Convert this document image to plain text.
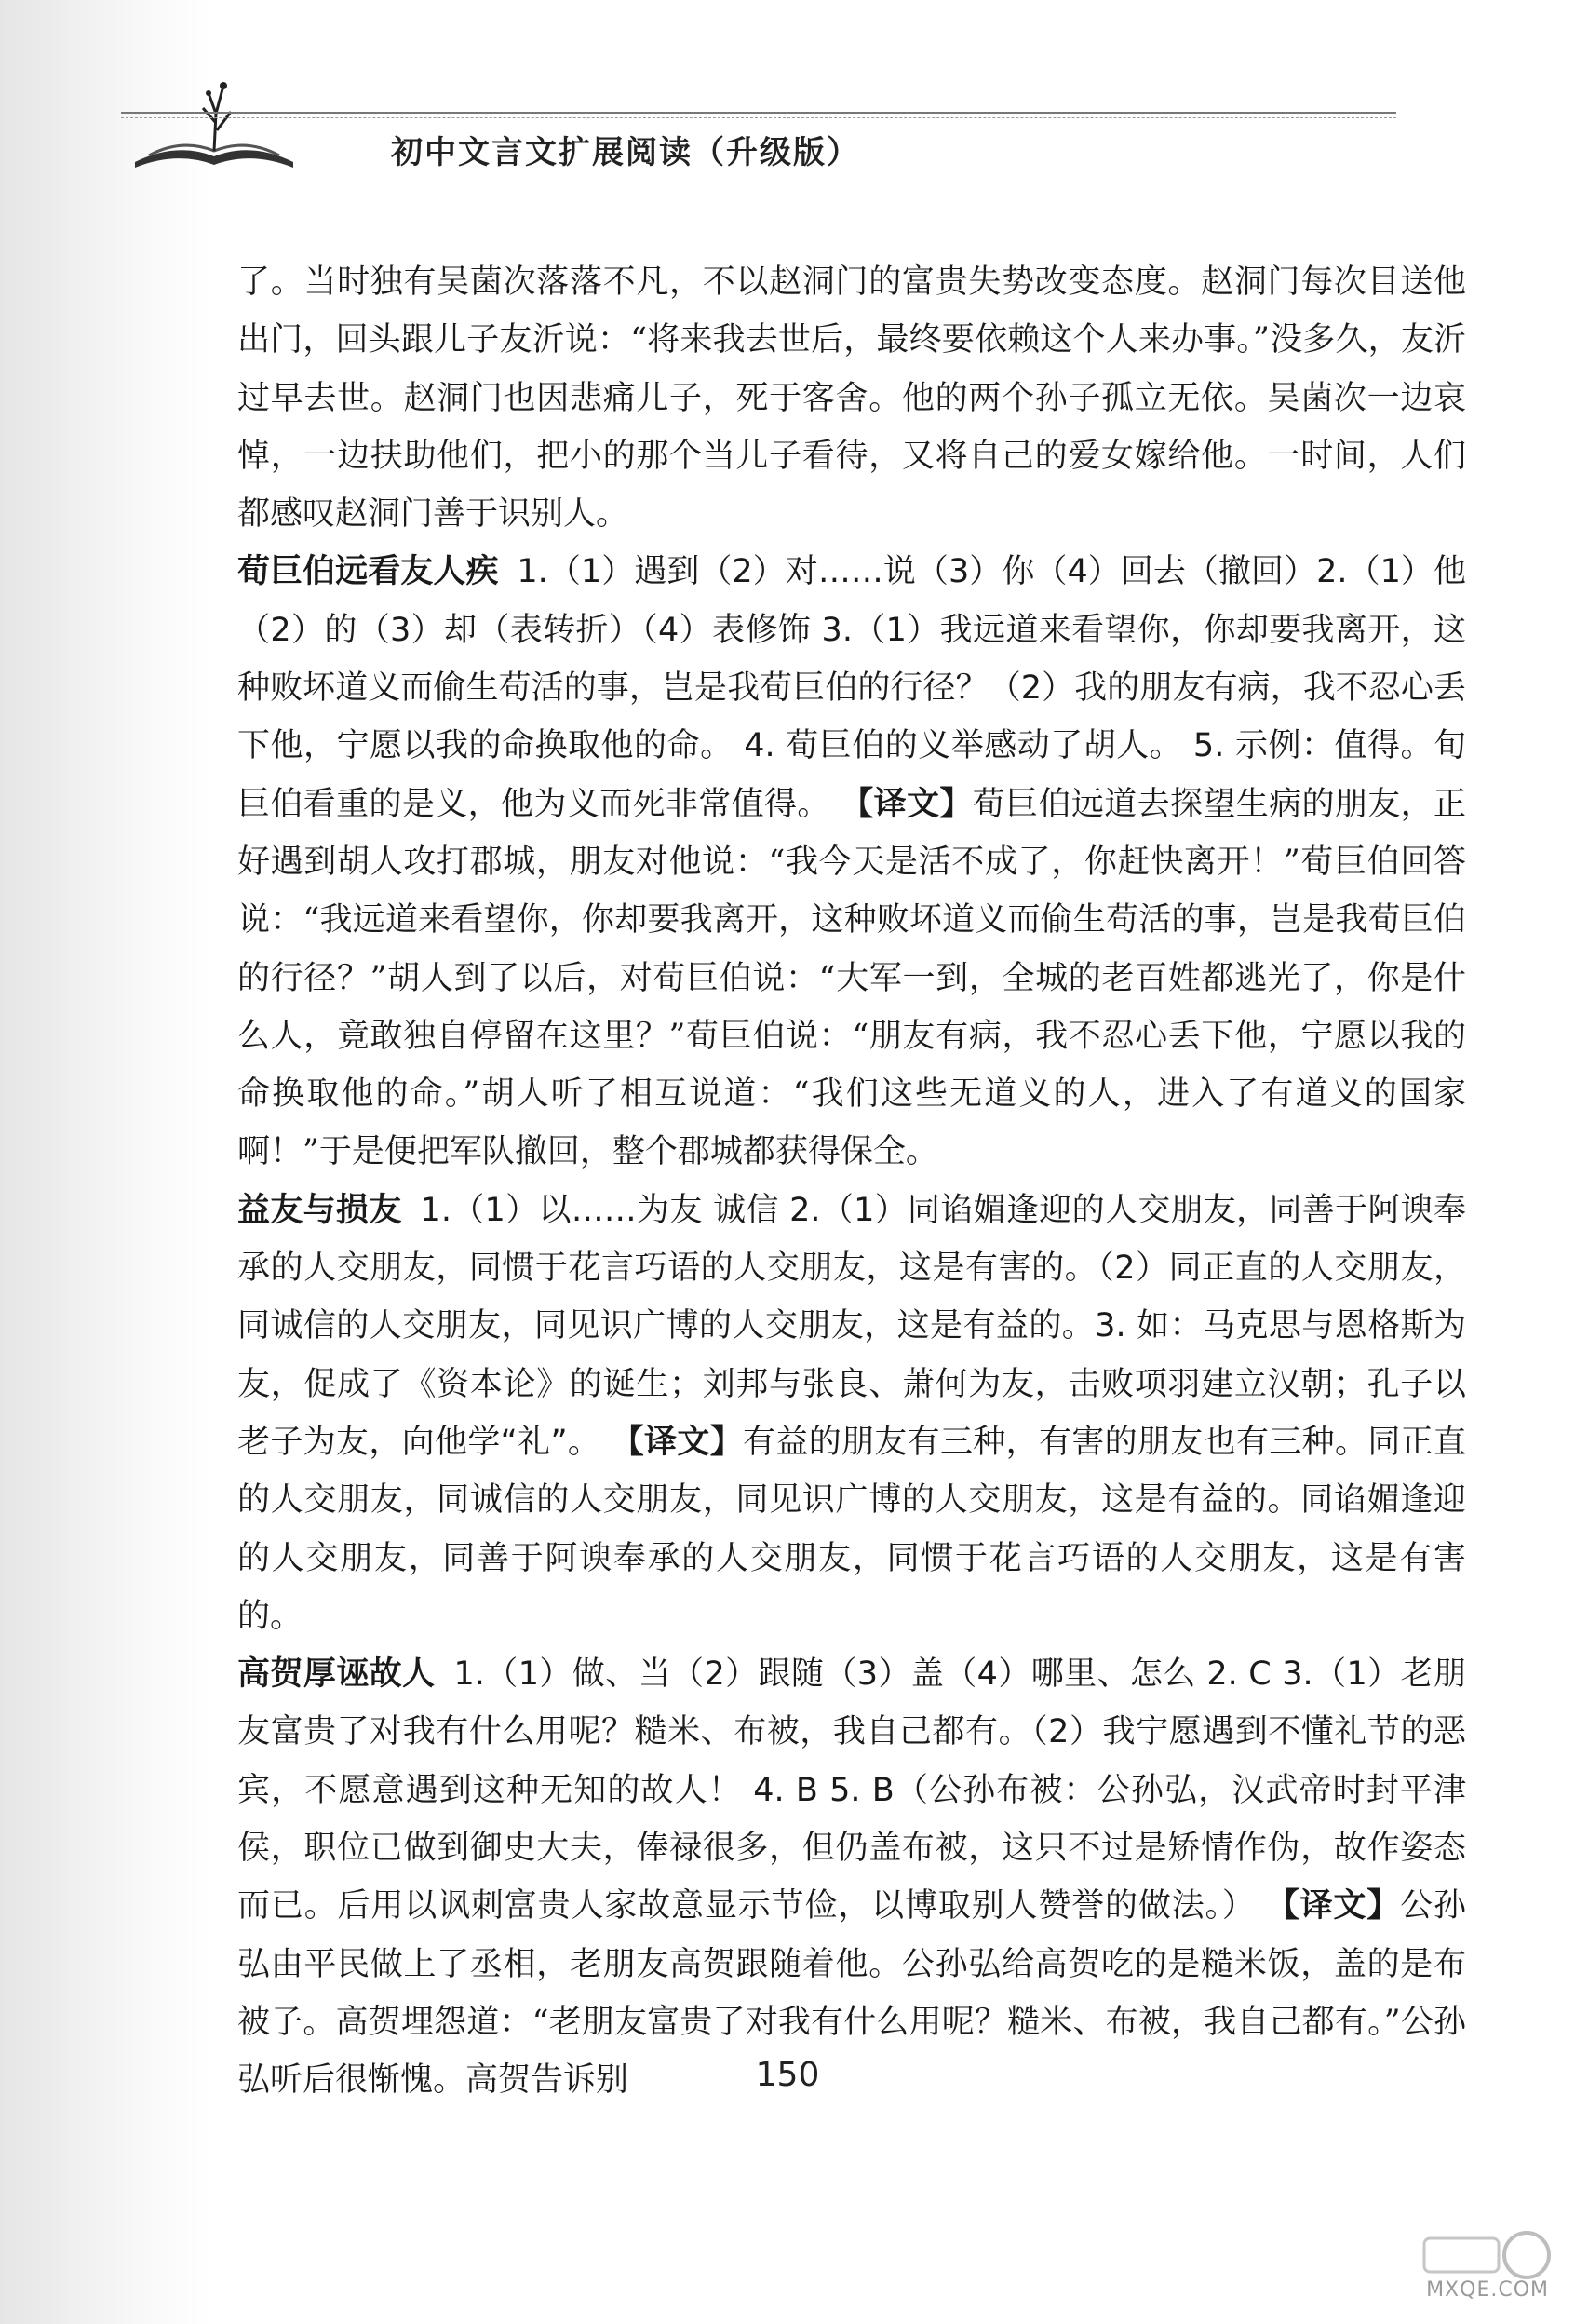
初中文言文扩展阅读（升级版）

了。当时独有吴菌次落落不凡，不以赵洞门的富贵失势改变态度。赵洞门每次目送他出门，回头跟儿子友沂说：“将来我去世后，最终要依赖这个人来办事。”没多久，友沂过早去世。赵洞门也因悲痛儿子，死于客舍。他的两个孙子孤立无依。吴菌次一边哀悼，一边扶助他们，把小的那个当儿子看待，又将自己的爱女嫁给他。一时间，人们都感叹赵洞门善于识别人。

荀巨伯远看友人疾 1.（1）遇到（2）对……说（3）你（4）回去（撤回）2.（1）他（2）的（3）却（表转折）（4）表修饰 3.（1）我远道来看望你，你却要我离开，这种败坏道义而偷生苟活的事，岂是我荀巨伯的行径？（2）我的朋友有病，我不忍心丢下他，宁愿以我的命换取他的命。 4. 荀巨伯的义举感动了胡人。 5. 示例：值得。旬巨伯看重的是义，他为义而死非常值得。 【译文】荀巨伯远道去探望生病的朋友，正好遇到胡人攻打郡城，朋友对他说：“我今天是活不成了，你赶快离开！”荀巨伯回答说：“我远道来看望你，你却要我离开，这种败坏道义而偷生苟活的事，岂是我荀巨伯的行径？”胡人到了以后，对荀巨伯说：“大军一到，全城的老百姓都逃光了，你是什么人，竟敢独自停留在这里？”荀巨伯说：“朋友有病，我不忍心丢下他，宁愿以我的命换取他的命。”胡人听了相互说道：“我们这些无道义的人，进入了有道义的国家啊！”于是便把军队撤回，整个郡城都获得保全。

益友与损友 1.（1）以……为友 诚信 2.（1）同谄媚逢迎的人交朋友，同善于阿谀奉承的人交朋友，同惯于花言巧语的人交朋友，这是有害的。（2）同正直的人交朋友，同诚信的人交朋友，同见识广博的人交朋友，这是有益的。3. 如：马克思与恩格斯为友，促成了《资本论》的诞生；刘邦与张良、萧何为友，击败项羽建立汉朝；孔子以老子为友，向他学“礼”。 【译文】有益的朋友有三种，有害的朋友也有三种。同正直的人交朋友，同诚信的人交朋友，同见识广博的人交朋友，这是有益的。同谄媚逢迎的人交朋友，同善于阿谀奉承的人交朋友，同惯于花言巧语的人交朋友，这是有害的。

高贺厚诬故人 1.（1）做、当（2）跟随（3）盖（4）哪里、怎么 2. C 3.（1）老朋友富贵了对我有什么用呢？糙米、布被，我自己都有。（2）我宁愿遇到不懂礼节的恶宾，不愿意遇到这种无知的故人！ 4. B 5. B（公孙布被：公孙弘，汉武帝时封平津侯，职位已做到御史大夫，俸禄很多，但仍盖布被，这只不过是矫情作伪，故作姿态而已。后用以讽刺富贵人家故意显示节俭，以博取别人赞誉的做法。） 【译文】公孙弘由平民做上了丞相，老朋友高贺跟随着他。公孙弘给高贺吃的是糙米饭，盖的是布被子。高贺埋怨道：“老朋友富贵了对我有什么用呢？糙米、布被，我自己都有。”公孙弘听后很惭愧。高贺告诉别	150
MXQE.COM
